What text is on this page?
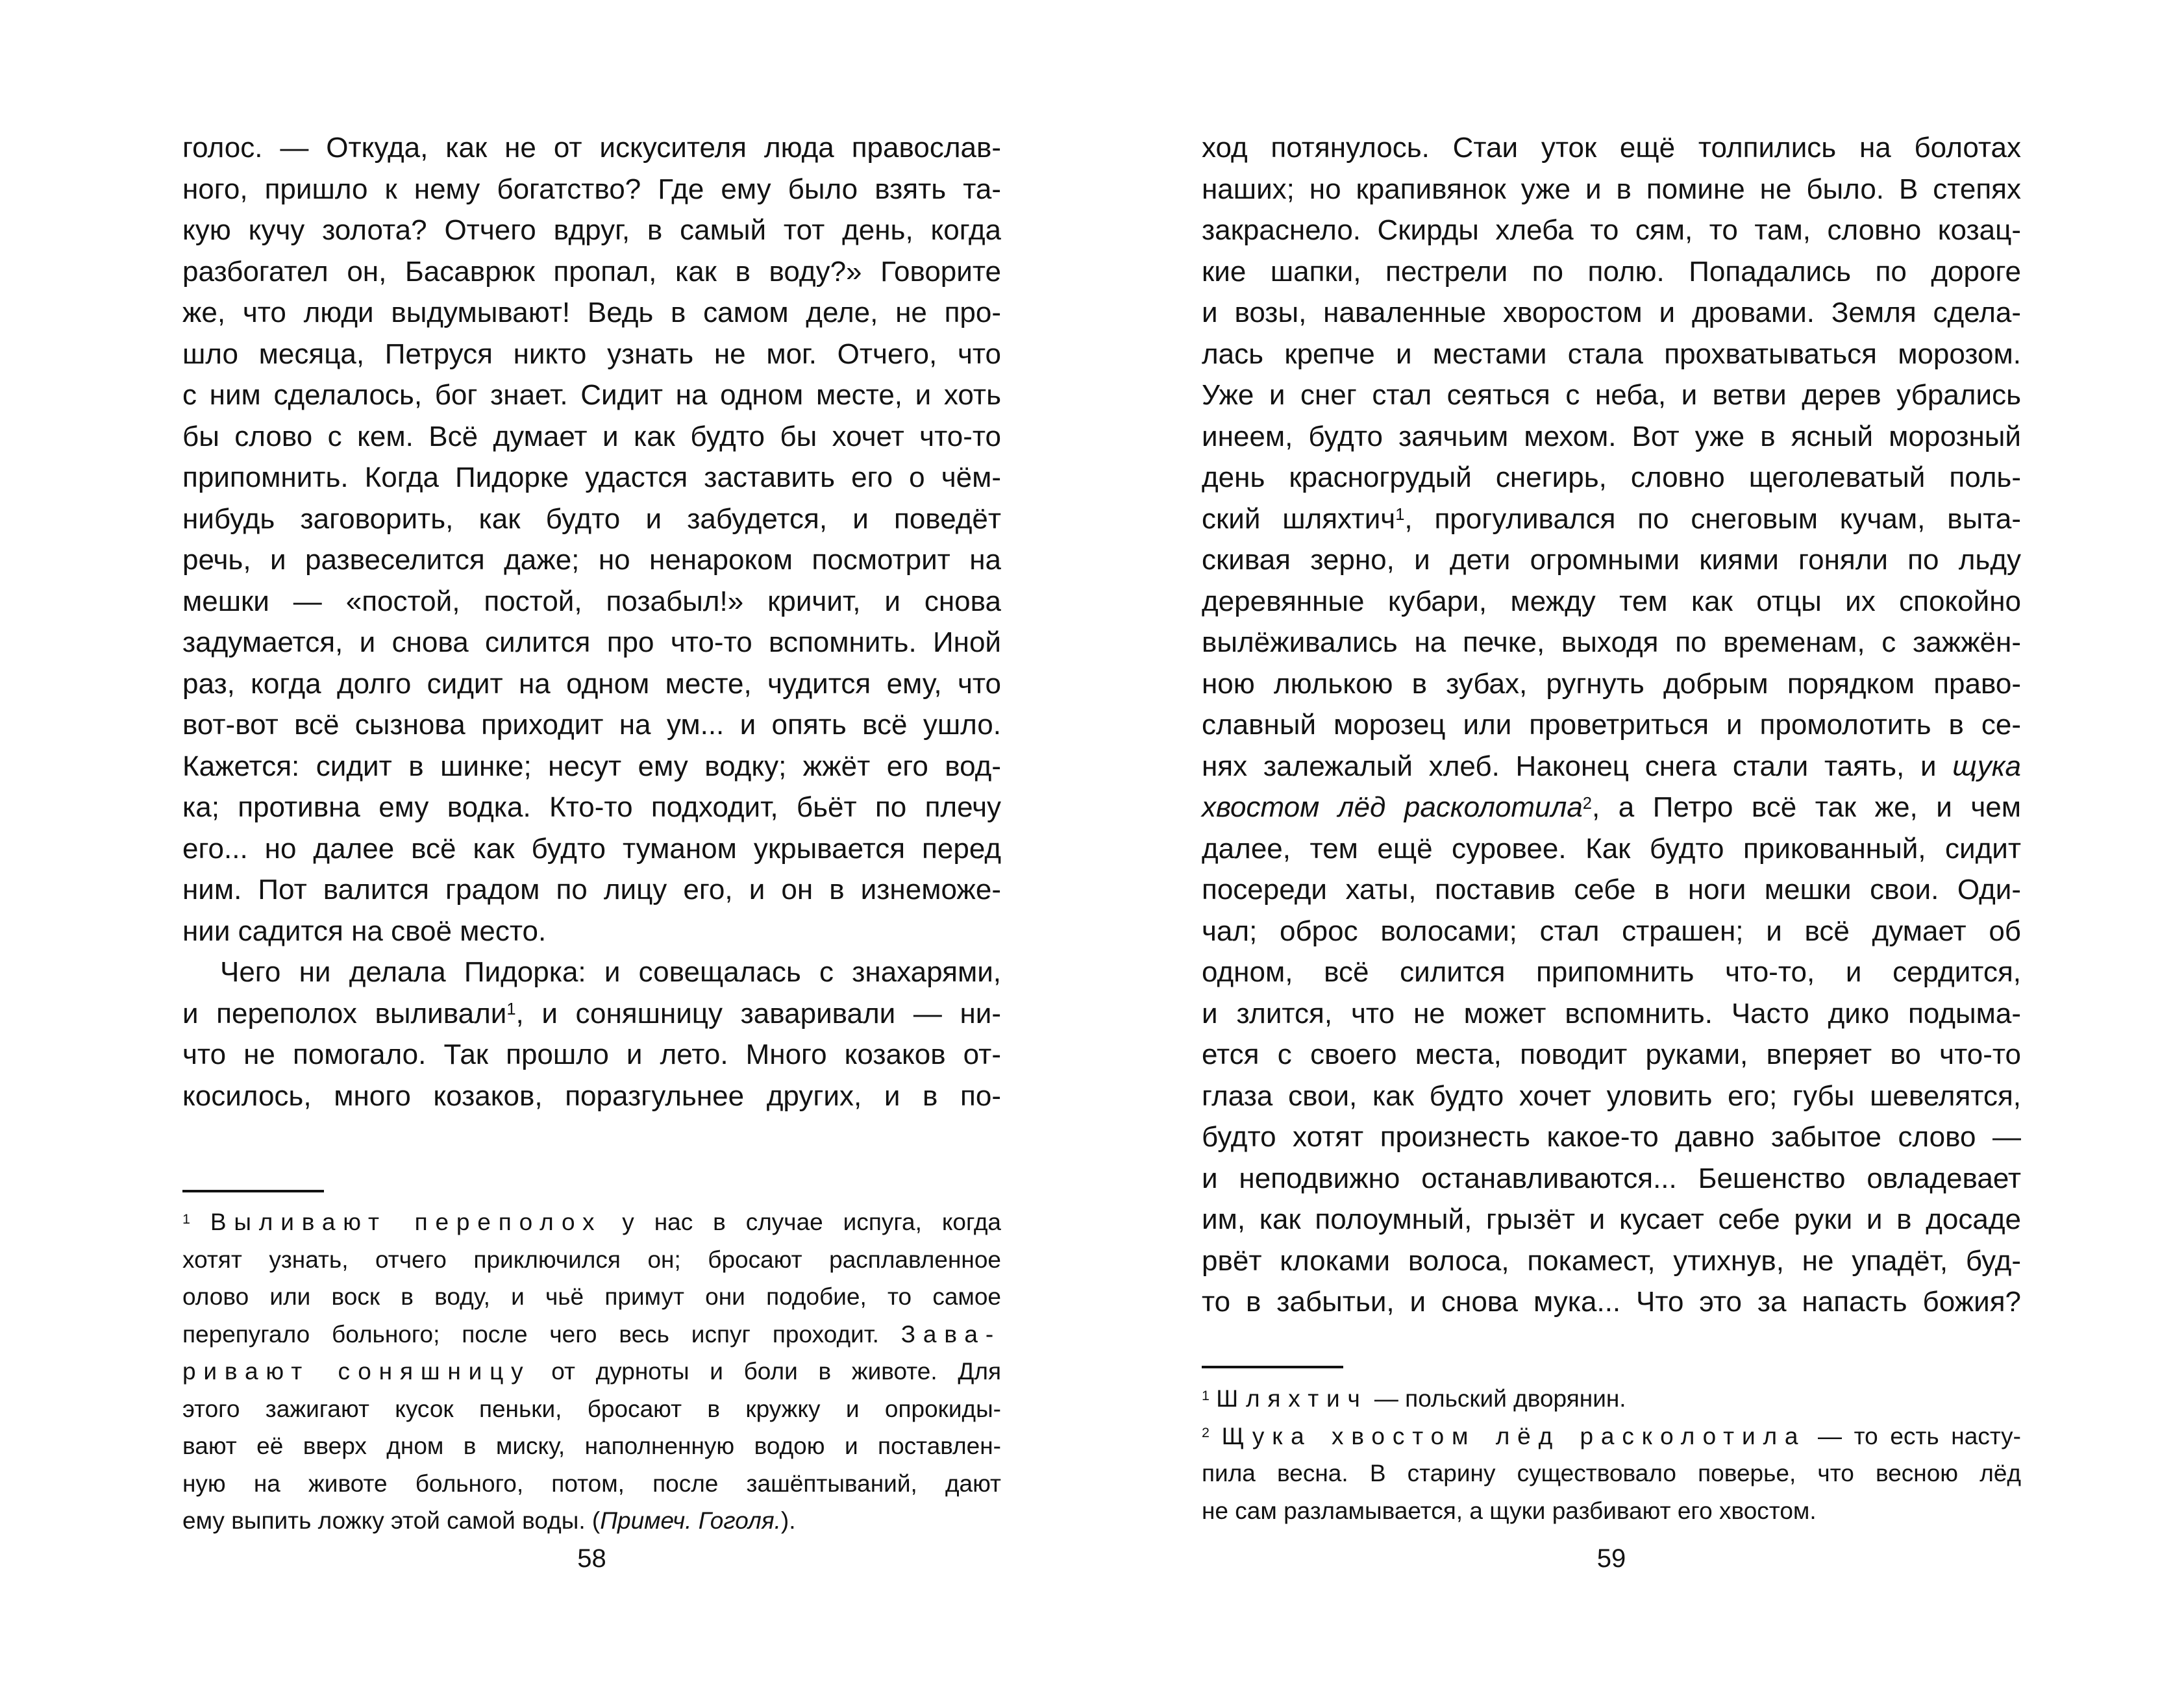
голос. — Откуда, как не от искусителя люда православ-
ного, пришло к нему богатство? Где ему было взять та-
кую кучу золота? Отчего вдруг, в самый тот день, когда
разбогател он, Басаврюк пропал, как в воду?» Говорите
же, что люди выдумывают! Ведь в самом деле, не про-
шло месяца, Петруся никто узнать не мог. Отчего, что
с ним сделалось, бог знает. Сидит на одном месте, и хоть
бы слово с кем. Всё думает и как будто бы хочет что-то
припомнить. Когда Пидорке удастся заставить его о чём-
нибудь заговорить, как будто и забудется, и поведёт
речь, и развеселится даже; но ненароком посмотрит на
мешки — «постой, постой, позабыл!» кричит, и снова
задумается, и снова силится про что-то вспомнить. Иной
раз, когда долго сидит на одном месте, чудится ему, что
вот-вот всё сызнова приходит на ум... и опять всё ушло.
Кажется: сидит в шинке; несут ему водку; жжёт его вод-
ка; противна ему водка. Кто-то подходит, бьёт по плечу
его... но далее всё как будто туманом укрывается перед
ним. Пот валится градом по лицу его, и он в изнеможе-
нии садится на своё место.
Чего ни делала Пидорка: и совещалась с знахарями,
и переполох выливали$^1$, и соняшницу заваривали — ни-
что не помогало. Так прошло и лето. Много козаков от-
косилось, много козаков, поразгульнее других, и в по-
$^1$ Выливают переполох у нас в случае испуга, когда
хотят узнать, отчего приключился он; бросают расплавленное
олово или воск в воду, и чьё примут они подобие, то самое
перепугало больного; после чего весь испуг проходит. Зава-
ривают соняшницу от дурноты и боли в животе. Для
этого зажигают кусок пеньки, бросают в кружку и опрокиды-
вают её вверх дном в миску, наполненную водою и поставлен-
ную на животе больного, потом, после зашёптываний, дают
ему выпить ложку этой самой воды. (Примеч. Гоголя.).
58
ход потянулось. Стаи уток ещё толпились на болотах
наших; но крапивянок уже и в помине не было. В степях
закраснело. Скирды хлеба то сям, то там, словно козац-
кие шапки, пестрели по полю. Попадались по дороге
и возы, наваленные хворостом и дровами. Земля сдела-
лась крепче и местами стала прохватываться морозом.
Уже и снег стал сеяться с неба, и ветви дерев убрались
инеем, будто заячьим мехом. Вот уже в ясный морозный
день красногрудый снегирь, словно щеголеватый поль-
ский шляхтич$^1$, прогуливался по снеговым кучам, выта-
скивая зерно, и дети огромными киями гоняли по льду
деревянные кубари, между тем как отцы их спокойно
вылёживались на печке, выходя по временам, с зажжён-
ною люлькою в зубах, ругнуть добрым порядком право-
славный морозец или проветриться и промолотить в се-
нях залежалый хлеб. Наконец снега стали таять, и щука
хвостом лёд расколотила$^2$, а Петро всё так же, и чем
далее, тем ещё суровее. Как будто прикованный, сидит
посереди хаты, поставив себе в ноги мешки свои. Оди-
чал; оброс волосами; стал страшен; и всё думает об
одном, всё силится припомнить что-то, и сердится,
и злится, что не может вспомнить. Часто дико подыма-
ется с своего места, поводит руками, вперяет во что-то
глаза свои, как будто хочет уловить его; губы шевелятся,
будто хотят произнесть какое-то давно забытое слово —
и неподвижно останавливаются... Бешенство овладевает
им, как полоумный, грызёт и кусает себе руки и в досаде
рвёт клоками волоса, покамест, утихнув, не упадёт, буд-
то в забытьи, и снова мука... Что это за напасть божия?
$^1$ Шляхтич — польский дворянин.
$^2$ Щука хвостом лёд расколотила — то есть насту-
пила весна. В старину существовало поверье, что весною лёд
не сам разламывается, а щуки разбивают его хвостом.
59
